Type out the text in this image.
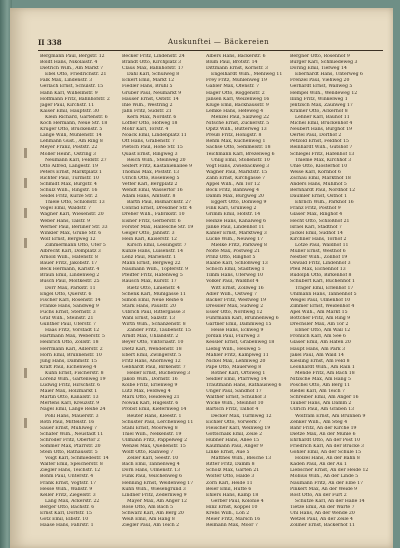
II 338	Auskunftei — Bäckereien
Bergmann Paul, Bergstr. 12
Boldt Hans, Nikolaistr. 4
Dietrich Wilh., Am Markt 7
Ebel Otto, Friedrichstr. 21
Falk Max, Lindenstr. 3
Gerlach Ernst, Schulstr. 15
Hahn Karl, Wilhelmstr. 9
Hoffmann Fritz, Bahnhofstr. 2
Jäger Paul, Kirchstr. 11
Kaiser Emil, Hauptstr. 30
Klein Richard, Gartenstr. 6
Koch Hermann, Neue Str. 18
Krüger Otto, Brückenstr. 5
Lange Willi, Mühlenstr. 14
Lehmann Gust., Am Ring 8
Meyer Franz, Poststr. 22
Möller Heinr., Ostring 3
Neumann Karl, Feldstr. 27
Otto Alfred, Langestr. 19
Peters Ernst, Marktplatz 1
Richter Paul, Turmstr. 10
Schmidt Max, Burgstr. 4
Schulz Wilh., Ringstr. 16
Seidel Fritz, Kurze Str. 2
Thiele Otto, Schloßstr. 13
Vogel Emil, Waldstr. 7
Wagner Karl, Wiesenstr. 20
Weber Hans, Talstr. 9
Werner Paul, Berliner Str. 33
Winkler Max, Grüne Str. 6
Wolf Ernst, Bergweg 12
Zimmermann Otto, Ufer 5
Albrecht Karl, Domplatz 3
Arnold Wilh., Hafenstr. 8
Bauer Fritz, Jakobstr. 17
Beck Hermann, Karlstr. 4
Braun Emil, Lindenweg 2
Busch Paul, Moltkestr. 25
Dörr Max, Parkstr. 11
Engel Otto, Querstr. 6
Fischer Karl, Rosenstr. 14
Franke Hans, Sandweg 9
Fuchs Ernst, Sternstr. 3
Graf Wilh., Steinstr. 21
Günther Paul, Uferstr. 7
Haas Fritz, Vorstadt 12
Hartmann Max, Weberstr. 5
Heinrich Otto, Zollstr. 18
Herrmann Karl, Adlerstr. 2
Horn Emil, Brunnenstr. 10
Jung Hans, Dammstr. 15
Kraft Paul, Eichenweg 4
Kühn Ernst, Fischerstr. 8
Lorenz Wilh., Gartenweg 19
Ludwig Fritz, Hirschstr. 6
Maier Max, Holzmarkt 1
Martin Otto, Kanalstr. 13
Mertens Karl, Kreuzstr. 9
Nagel Emil, Lange Reihe 24
Pohl Hans, Mauerstr. 3
Roth Paul, Mittelstr. 16
Sauer Ernst, Mühlweg 7
Schäfer Wilh., Neustadt 11
Schröder Fritz, Obertor 2
Sommer Max, Pfarrstr. 20
Stein Otto, Rathausstr. 5
Voigt Karl, Schmiedestr. 14
Walter Emil, Speicherstr. 8
Ziegler Hans, Teichstr. 12
Böhm Paul, Unterstr. 4
Frank Ernst, Vogtstr. 17
Hesse Wilh., Wallstr. 9
Keller Fritz, Ziegelstr. 3
Lang Max, Ackerstr. 22
Berger Otto, Bachstr. 6
Ernst Karl, Dorfstr. 15
Götz Emil, Elbstr. 10
Haase Hans, Fährstr. 1
Becker Fritz, Lindenstr. 24
Brandt Otto, Kirchplatz 3
Claus Max, Bahnhofstr. 17
Dahl Karl, Schulweg 8
Eckert Emil, Markt 12
Fiedler Hans, Brühl 5
Gruber Paul, Neumarkt 9
Hauser Ernst, Oststr. 14
Ihle Wilh., Westring 2
Jahn Fritz, Südstr. 21
Kern Max, Nordstr. 6
Löffler Otto, Hofweg 18
Mohr Karl, Torstr. 4
Noack Emil, Lindenplatz 11
Ott Hans, Grabenstr. 7
Pietsch Paul, Hohe Str. 15
Quast Ernst, Ringweg 3
Reich Wilh., Steinweg 20
Seifert Fritz, Kastanienallee 9
Thomas Max, Poststr. 13
Ulrich Otto, Rosenweg 5
Vetter Karl, Bergplatz 2
Wendt Emil, Wassertor 16
Adam Hans, Amtsstr. 8
Barth Paul, Bismarckstr. 27
Conrad Ernst, Dresdner Str. 4
Dreher Wilh., Fabrikstr. 10
Eisner Fritz, Gerberstr. 6
Förster Max, Hallesche Str. 19
Geiger Otto, Jahnstr. 3
Hein Karl, Kaiserstr. 12
Kirsch Emil, Lessingstr. 7
Kunze Hans, Luisenstr. 14
Lenz Paul, Marienstr. 1
Mann Ernst, Bergweg 22
Naumann Wilh., Töpferstr. 9
Pfeiffer Fritz, Hafenweg 5
Rausch Max, Kurstr. 17
Rietz Otto, Linienstr. 4
Schenk Karl, Mühlgasse 11
Simon Emil, Neue Reihe 6
Stark Hans, Paulstr. 20
Ulbrich Paul, Rittergasse 3
Wahl Ernst, Salzstr. 13
Wirth Wilh., Schanzenstr. 8
Zander Fritz, Taubenstr. 15
Arndt Max, Uhlandstr. 2
Beyer Otto, Viktoriastr. 10
Dietz Karl, Wendenstr. 18
Ebert Emil, Zwingerstr. 5
Fritz Hans, Ahornweg 12
Gebhardt Paul, Birkenstr. 7
Heller Ernst, Buchenweg 3
Jakob Wilh., Dornstr. 16
Kolbe Fritz, Erlenweg 9
Lutz Max, Feldweg 4
Marx Otto, Heideweg 21
Nowak Karl, Hügelstr. 6
Probst Emil, Kiefernweg 14
Reuter Hans, Kleestr. 1
Schuster Paul, Lerchenweg 11
Stahl Ernst, Moorweg 8
Thiel Wilh., Nelkenstr. 19
Ullmann Fritz, Pappelweg 2
Wenzel Max, Quellenstr. 15
Wolff Otto, Rainweg 7
Zeller Karl, Seestr. 10
Bach Emil, Tannenweg 4
Dorn Hans, Ulmenstr. 13
Funk Paul, Veilchenweg 6
Henning Ernst, Weidenweg 17
Kuhn Wilh., Wiesengrund 3
Lindner Fritz, Zedernweg 9
Mayer Max, Am Anger 12
Rose Otto, Am Bach 5
Schwarz Karl, Am Berg 20
Weiß Emil, Am Hang 8
Ziegler Paul, Am Teich 2
Albers Hans, Bäckerstr. 6
Blum Paul, Brotstr. 14
Dittmann Ernst, Kornstr. 3
Engelhardt Wilh., Mehlweg 11
Frey Fritz, Mühlenweg 19
Gabler Max, Ofenstr. 7
Hager Otto, Roggenstr. 2
Jansen Karl, Weizenweg 16
Kluge Emil, Backhausstr. 9
Lemke Hans, Hefeweg 4
Menzel Paul, Salzweg 22
Nitsche Ernst, Zuckerstr. 5
Opitz Wilh., Butterweg 13
Preuß Fritz, Honigstr. 8
Rehm Max, Kuchenweg 1
Sachse Otto, Semmelstr. 18
Teichmann Karl, Brezelweg 6
Uhlig Emil, Stollenstr. 10
Vogt Hans, Zwiebackweg 3
Wagner Paul, Marktstr. 15
Zahn Ernst, Kirchgasse 7
Appel Wilh., Am Tor 12
Bock Fritz, Bahnweg 4
Damm Max, Burgweg 20
Eggert Otto, Domweg 9
Fink Karl, Grünweg 2
Grimm Emil, Hofstr. 14
Heinze Hans, Kanalweg 6
Janke Paul, Lindenhof 11
Kähler Ernst, Marktweg 3
Lücke Wilh., Neuweg 17
Mielke Fritz, Parkweg 8
Nolte Max, Postweg 21
Prinz Otto, Ringhof 5
Raabe Karl, Schloßweg 13
Schoch Emil, Stadtweg 1
Timm Hans, Uferweg 10
Völker Paul, Waldhof 4
Witt Ernst, Zollweg 16
Adler Wilh., Ostweg 7
Bäcker Fritz, Westweg 19
Dressler Max, Südweg 2
Esser Otto, Nordweg 12
Fuhrmann Karl, Brunnenweg 6
Gärtner Emil, Dammweg 15
Heise Hans, Eckweg 9
Jordan Paul, Flurweg 3
Kessler Ernst, Grabenweg 18
Liebig Wilh., Heuweg 5
Mahler Fritz, Kampweg 11
Nickel Max, Lehmweg 20
Pape Otto, Mauerweg 8
Rother Karl, Ortsweg 1
Seidler Emil, Pfarrweg 14
Trautmann Hans, Rathausweg 6
Unger Paul, Sandhof 17
Walther Ernst, Schulhof 3
Wicke Wilh., Steinhof 10
Bartsch Fritz, Talhof 4
Decker Max, Turmweg 12
Eichler Otto, Vorwerk 7
Fleischer Karl, Weinweg 19
Gottschalk Emil, Zeile 2
Hübner Hans, Allee 15
Kaufmann Paul, Anger 9
Linke Ernst, Aue 5
Matthes Wilh., Bleiche 13
Ritter Fritz, Damm 8
Scholz Max, Garten 21
Wolter Otto, Halde 3
Zorn Karl, Heide 11
Beier Emil, Hütte 6
Ehlers Hans, Kamp 18
Gerber Paul, Kolonie 4
Hinz Ernst, Koppel 10
Krebs Wilh., Loh 2
Meier Fritz, Marsch 16
Reimann Max, Moor 7
Bergner Otto, Rosenhof 9
Burger Karl, Schmiedeweg 3
Döring Emil, Tiefweg 14
Eberhardt Hans, Unterweg 6
Frenzel Paul, Viehweg 20
Gerhardt Ernst, Wallweg 5
Hempel Wilh., Wendeweg 12
Illing Fritz, Winkelweg 1
Jentzsch Max, Zaunweg 17
Kramer Otto, Ackerhof 8
Lehner Karl, Bauhof 11
Michel Emil, Brückenhof 4
Neubert Hans, Burghof 19
Oertel Paul, Dorfhof 2
Petzold Ernst, Feldhof 15
Reinhardt Wilh., Gutshof 7
Schlegel Fritz, Hafenhof 13
Thieme Max, Kirchhof 3
Uhle Otto, Klosterhof 10
Weise Karl, Kornhof 6
Zschau Emil, Markthof 18
Anders Hans, Mühlhof 5
Bernhardt Paul, Nordhof 12
Däumler Ernst, Osthof 1
Ehrlich Wilh., Parkhof 16
Franz Fritz, Posthof 9
Glaser Max, Ringhof 4
Hecht Otto, Schloßhof 21
Israel Karl, Stadthof 7
Jäckel Emil, Südhof 14
Kirchner Hans, Torhof 2
Lotze Paul, Waldhof 11
Müller Ernst, Westhof 6
Nestler Wilh., Zollhof 19
Oswald Fritz, Lindenhof 3
Pfeil Max, Eichenhof 13
Rudolph Otto, Birkenhof 8
Schubert Karl, Buchenhof 1
Träger Emil, Erlenhof 17
Uhlmann Hans, Tannenhof 5
Weigel Paul, Ulmenhof 10
Zimmer Ernst, Weidenhof 4
Apel Wilh., Am Markt 15
Böttcher Fritz, Am Ring 9
Drechsler Max, Am Tor 2
Ebner Otto, Am Wall 12
Fröhlich Karl, Am See 6
Gläser Emil, Am Hafen 20
Haupt Hans, Am Park 3
Jäkel Paul, Am Wald 14
Kiesling Ernst, Am Feld 8
Leonhardt Wilh., Am Rain 1
Mende Fritz, Am Bach 18
Nitzsche Max, Am Hang 5
Pöschel Otto, Am Berg 11
Riedel Karl, Am Teich 7
Schreiber Emil, Am Anger 16
Tauber Hans, Am Damm 2
Ullrich Paul, Am Graben 13
Wolfram Ernst, Am Brunnen 9
Zenker Wilh., Am Steg 4
Bähr Fritz, An der Kirche 19
Dietze Max, An der Mühle 6
Ehrhardt Otto, An der Post 10
Friedrich Karl, An der Brücke 3
Göhler Emil, An der Schule 15
Hölzel Hans, An der Bahn 8
Kaden Paul, An der Au 1
Liebscher Ernst, An der Heide 12
Möbius Wilh., An der Linde 5
Naumann Fritz, An der Elbe 17
Pinkert Max, An der Weide 9
Rost Otto, An der Furt 2
Schütze Karl, An der Halle 14
Tietze Emil, An der Warte 7
Uhl Hans, An der Wende 20
Wetzel Paul, An der Zeile 4
Zöllner Ernst, Bäckerhof 11
